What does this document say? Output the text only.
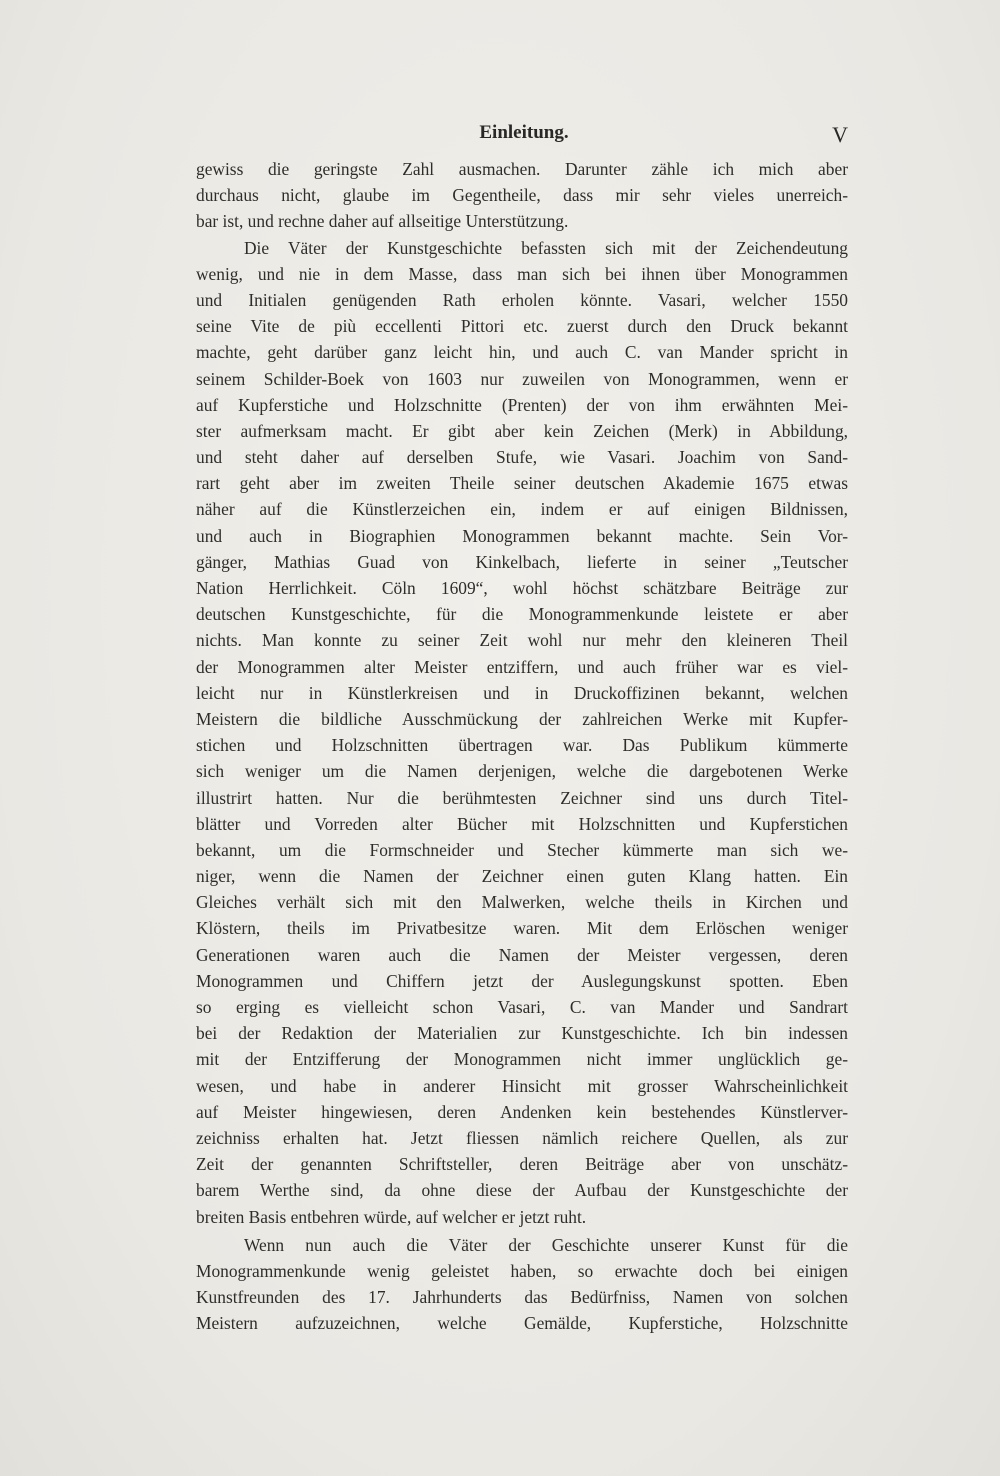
Einleitung.	V
gewiss die geringste Zahl ausmachen. Darunter zähle ich mich aber
durchaus nicht, glaube im Gegentheile, dass mir sehr vieles unerreich-
bar ist, und rechne daher auf allseitige Unterstützung.
Die Väter der Kunstgeschichte befassten sich mit der Zeichendeutung
wenig, und nie in dem Masse, dass man sich bei ihnen über Monogrammen
und Initialen genügenden Rath erholen könnte. Vasari, welcher 1550
seine Vite de più eccellenti Pittori etc. zuerst durch den Druck bekannt
machte, geht darüber ganz leicht hin, und auch C. van Mander spricht in
seinem Schilder-Boek von 1603 nur zuweilen von Monogrammen, wenn er
auf Kupferstiche und Holzschnitte (Prenten) der von ihm erwähnten Mei-
ster aufmerksam macht. Er gibt aber kein Zeichen (Merk) in Abbildung,
und steht daher auf derselben Stufe, wie Vasari. Joachim von Sand-
rart geht aber im zweiten Theile seiner deutschen Akademie 1675 etwas
näher auf die Künstlerzeichen ein, indem er auf einigen Bildnissen,
und auch in Biographien Monogrammen bekannt machte. Sein Vor-
gänger, Mathias Guad von Kinkelbach, lieferte in seiner „Teutscher
Nation Herrlichkeit. Cöln 1609“, wohl höchst schätzbare Beiträge zur
deutschen Kunstgeschichte, für die Monogrammenkunde leistete er aber
nichts. Man konnte zu seiner Zeit wohl nur mehr den kleineren Theil
der Monogrammen alter Meister entziffern, und auch früher war es viel-
leicht nur in Künstlerkreisen und in Druckoffizinen bekannt, welchen
Meistern die bildliche Ausschmückung der zahlreichen Werke mit Kupfer-
stichen und Holzschnitten übertragen war. Das Publikum kümmerte
sich weniger um die Namen derjenigen, welche die dargebotenen Werke
illustrirt hatten. Nur die berühmtesten Zeichner sind uns durch Titel-
blätter und Vorreden alter Bücher mit Holzschnitten und Kupferstichen
bekannt, um die Formschneider und Stecher kümmerte man sich we-
niger, wenn die Namen der Zeichner einen guten Klang hatten. Ein
Gleiches verhält sich mit den Malwerken, welche theils in Kirchen und
Klöstern, theils im Privatbesitze waren. Mit dem Erlöschen weniger
Generationen waren auch die Namen der Meister vergessen, deren
Monogrammen und Chiffern jetzt der Auslegungskunst spotten. Eben
so erging es vielleicht schon Vasari, C. van Mander und Sandrart
bei der Redaktion der Materialien zur Kunstgeschichte. Ich bin indessen
mit der Entzifferung der Monogrammen nicht immer unglücklich ge-
wesen, und habe in anderer Hinsicht mit grosser Wahrscheinlichkeit
auf Meister hingewiesen, deren Andenken kein bestehendes Künstlerver-
zeichniss erhalten hat. Jetzt fliessen nämlich reichere Quellen, als zur
Zeit der genannten Schriftsteller, deren Beiträge aber von unschätz-
barem Werthe sind, da ohne diese der Aufbau der Kunstgeschichte der
breiten Basis entbehren würde, auf welcher er jetzt ruht.
Wenn nun auch die Väter der Geschichte unserer Kunst für die
Monogrammenkunde wenig geleistet haben, so erwachte doch bei einigen
Kunstfreunden des 17. Jahrhunderts das Bedürfniss, Namen von solchen
Meistern aufzuzeichnen, welche Gemälde, Kupferstiche, Holzschnitte
